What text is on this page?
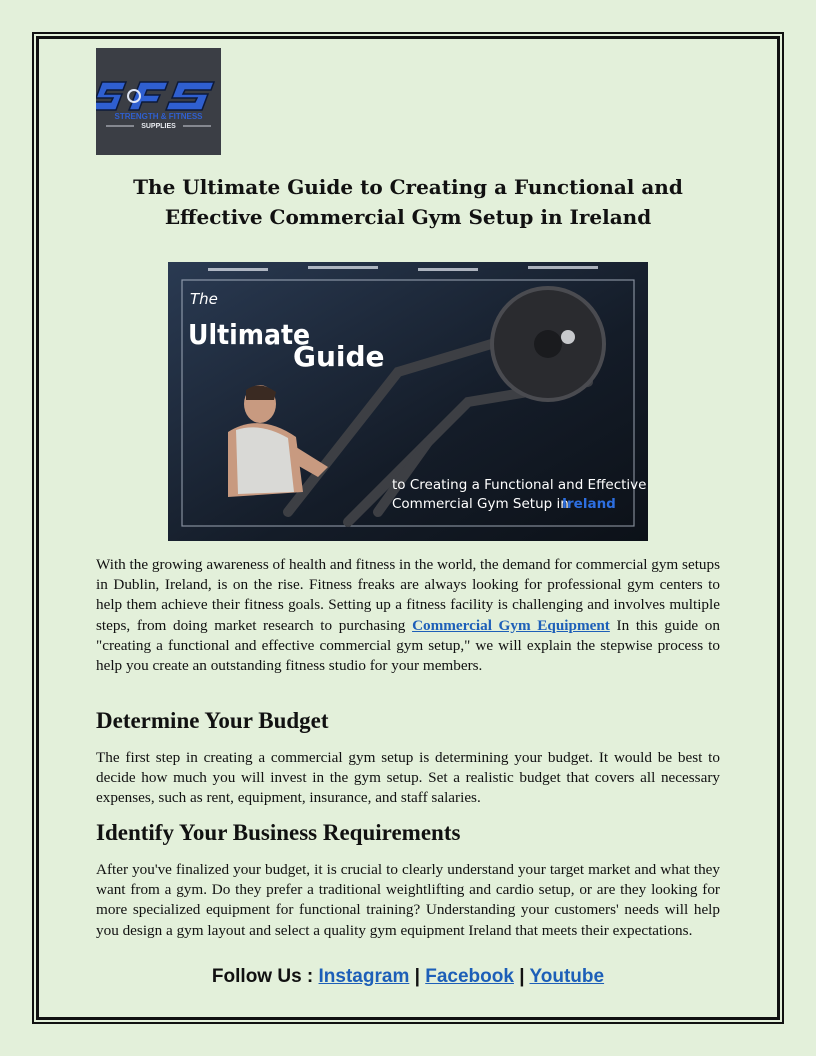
STRENGTH & FITNESS
SUPPLIES
The Ultimate Guide to Creating a Functional and
Effective Commercial Gym Setup in Ireland
The
Ultimate
Guide
to Creating a Functional and Effective
Commercial Gym Setup in
Ireland

With the growing awareness of health and fitness in the world, the demand for commercial gym setups in Dublin, Ireland, is on the rise. Fitness freaks are always looking for professional gym centers to help them achieve their fitness goals. Setting up a fitness facility is challenging and involves multiple steps, from doing market research to purchasing Commercial Gym Equipment In this guide on "creating a functional and effective commercial gym setup," we will explain the stepwise process to help you create an outstanding fitness studio for your members.

Determine Your Budget

The first step in creating a commercial gym setup is determining your budget. It would be best to decide how much you will invest in the gym setup. Set a realistic budget that covers all necessary expenses, such as rent, equipment, insurance, and staff salaries.

Identify Your Business Requirements

After you've finalized your budget, it is crucial to clearly understand your target market and what they want from a gym. Do they prefer a traditional weightlifting and cardio setup, or are they looking for more specialized equipment for functional training? Understanding your customers' needs will help you design a gym layout and select a quality gym equipment Ireland that meets their expectations.

Follow Us : Instagram | Facebook | Youtube
